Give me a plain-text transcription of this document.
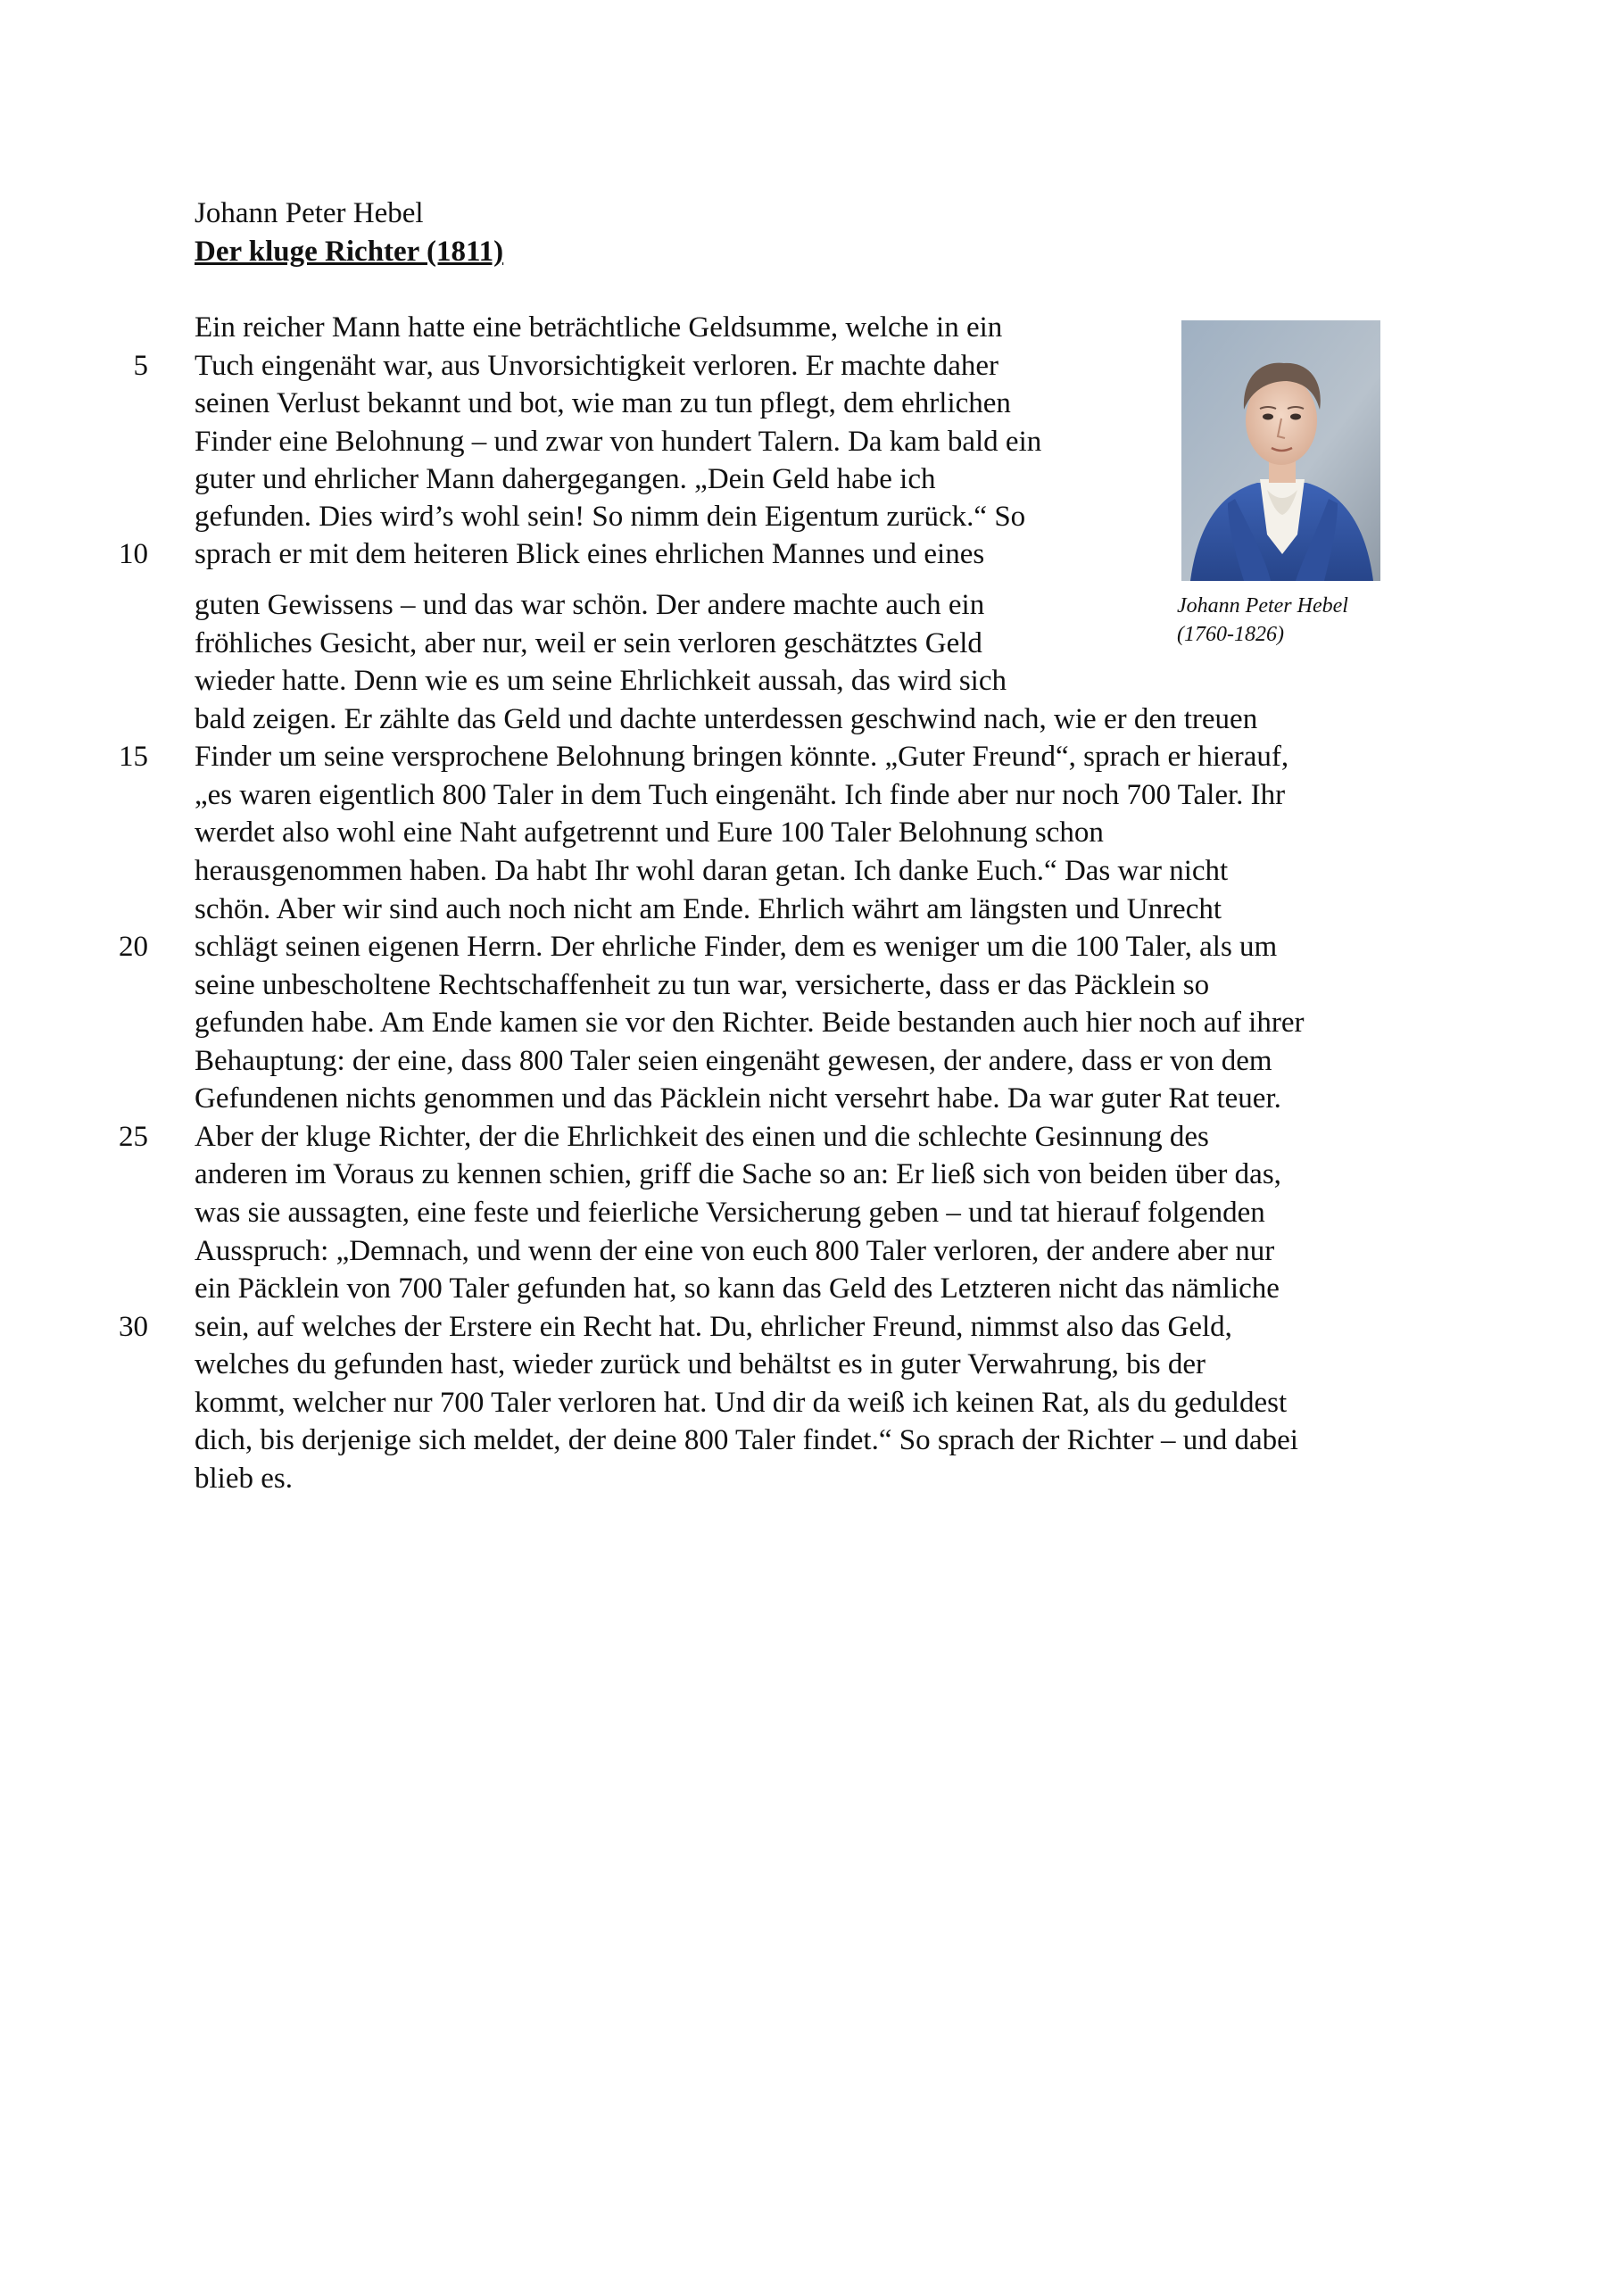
Johann Peter Hebel
Der kluge Richter (1811)
Johann Peter Hebel
(1760-1826)
5
10
15
20
25
30
Ein reicher Mann hatte eine beträchtliche Geldsumme, welche in ein
Tuch eingenäht war, aus Unvorsichtigkeit verloren. Er machte daher
seinen Verlust bekannt und bot, wie man zu tun pflegt, dem ehrlichen
Finder eine Belohnung – und zwar von hundert Talern. Da kam bald ein
guter und ehrlicher Mann dahergegangen. „Dein Geld habe ich
gefunden. Dies wird’s wohl sein! So nimm dein Eigentum zurück.“ So
sprach er mit dem heiteren Blick eines ehrlichen Mannes und eines
guten Gewissens – und das war schön. Der andere machte auch ein
fröhliches Gesicht, aber nur, weil er sein verloren geschätztes Geld
wieder hatte. Denn wie es um seine Ehrlichkeit aussah, das wird sich
bald zeigen. Er zählte das Geld und dachte unterdessen geschwind nach, wie er den treuen
Finder um seine versprochene Belohnung bringen könnte. „Guter Freund“, sprach er hierauf,
„es waren eigentlich 800 Taler in dem Tuch eingenäht. Ich finde aber nur noch 700 Taler. Ihr
werdet also wohl eine Naht aufgetrennt und Eure 100 Taler Belohnung schon
herausgenommen haben. Da habt Ihr wohl daran getan. Ich danke Euch.“ Das war nicht
schön. Aber wir sind auch noch nicht am Ende. Ehrlich währt am längsten und Unrecht
schlägt seinen eigenen Herrn. Der ehrliche Finder, dem es weniger um die 100 Taler, als um
seine unbescholtene Rechtschaffenheit zu tun war, versicherte, dass er das Päcklein so
gefunden habe. Am Ende kamen sie vor den Richter. Beide bestanden auch hier noch auf ihrer
Behauptung: der eine, dass 800 Taler seien eingenäht gewesen, der andere, dass er von dem
Gefundenen nichts genommen und das Päcklein nicht versehrt habe. Da war guter Rat teuer.
Aber der kluge Richter, der die Ehrlichkeit des einen und die schlechte Gesinnung des
anderen im Voraus zu kennen schien, griff die Sache so an: Er ließ sich von beiden über das,
was sie aussagten, eine feste und feierliche Versicherung geben – und tat hierauf folgenden
Ausspruch: „Demnach, und wenn der eine von euch 800 Taler verloren, der andere aber nur
ein Päcklein von 700 Taler gefunden hat, so kann das Geld des Letzteren nicht das nämliche
sein, auf welches der Erstere ein Recht hat. Du, ehrlicher Freund, nimmst also das Geld,
welches du gefunden hast, wieder zurück und behältst es in guter Verwahrung, bis der
kommt, welcher nur 700 Taler verloren hat. Und dir da weiß ich keinen Rat, als du geduldest
dich, bis derjenige sich meldet, der deine 800 Taler findet.“ So sprach der Richter – und dabei
blieb es.
